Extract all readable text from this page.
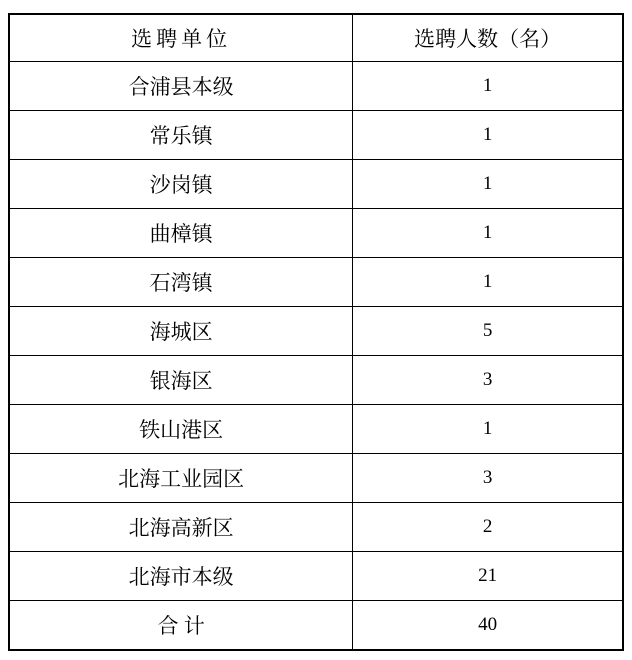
选聘单位	选聘人数（名）
合浦县本级	1
常乐镇	1
沙岗镇	1
曲樟镇	1
石湾镇	1
海城区	5
银海区	3
铁山港区	1
北海工业园区	3
北海高新区	2
北海市本级	21
合 计	40
